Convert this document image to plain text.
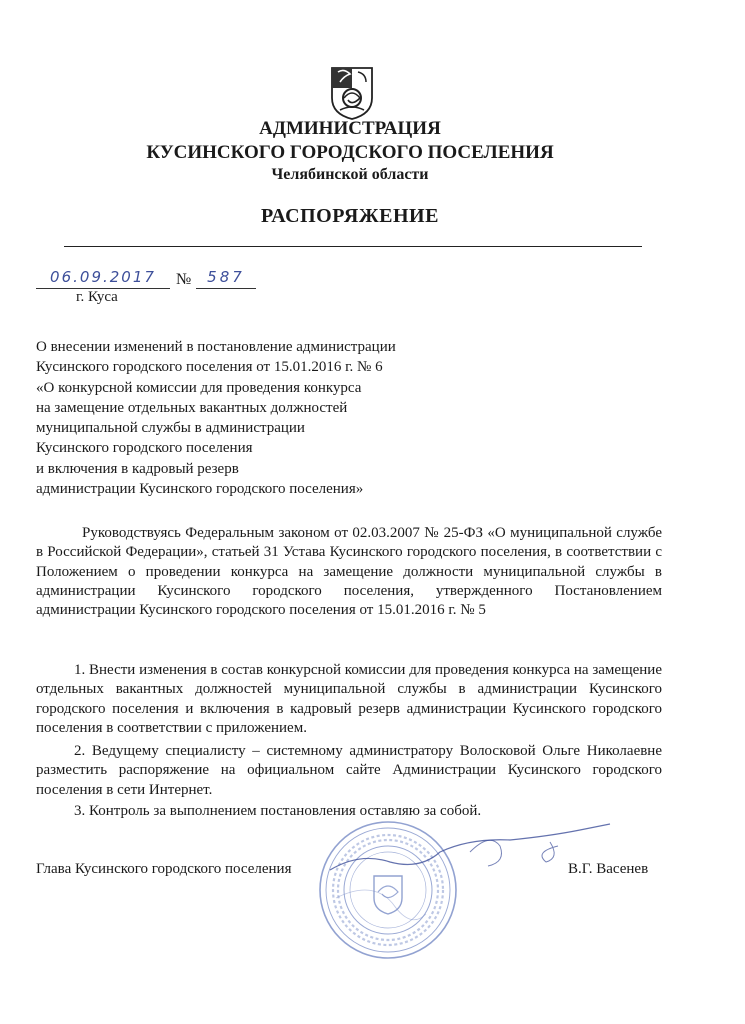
АДМИНИСТРАЦИЯ
КУСИНСКОГО ГОРОДСКОГО ПОСЕЛЕНИЯ
Челябинской области
РАСПОРЯЖЕНИЕ
06.09.2017	№	587
г. Куса
О внесении изменений в постановление администрации
Кусинского городского поселения от 15.01.2016 г. № 6
«О конкурсной комиссии для проведения конкурса
на замещение отдельных вакантных должностей
муниципальной службы в администрации
Кусинского городского поселения
и включения в кадровый резерв
администрации Кусинского городского поселения»
Руководствуясь Федеральным законом от 02.03.2007 № 25-ФЗ «О муниципальной службе в Российской Федерации», статьей 31 Устава Кусинского городского поселения, в соответствии с Положением о проведении конкурса на замещение должности муниципальной службы в администрации Кусинского городского поселения, утвержденного Постановлением администрации Кусинского городского поселения от 15.01.2016 г. № 5
1. Внести изменения в состав конкурсной комиссии для проведения конкурса на замещение отдельных вакантных должностей муниципальной службы в администрации Кусинского городского поселения и включения в кадровый резерв администрации Кусинского городского поселения в соответствии с приложением.
2. Ведущему специалисту – системному администратору Волосковой Ольге Николаевне разместить распоряжение на официальном сайте Администрации Кусинского городского поселения в сети Интернет.
3. Контроль за выполнением постановления оставляю за собой.
Глава Кусинского городского поселения	В.Г. Васенев
